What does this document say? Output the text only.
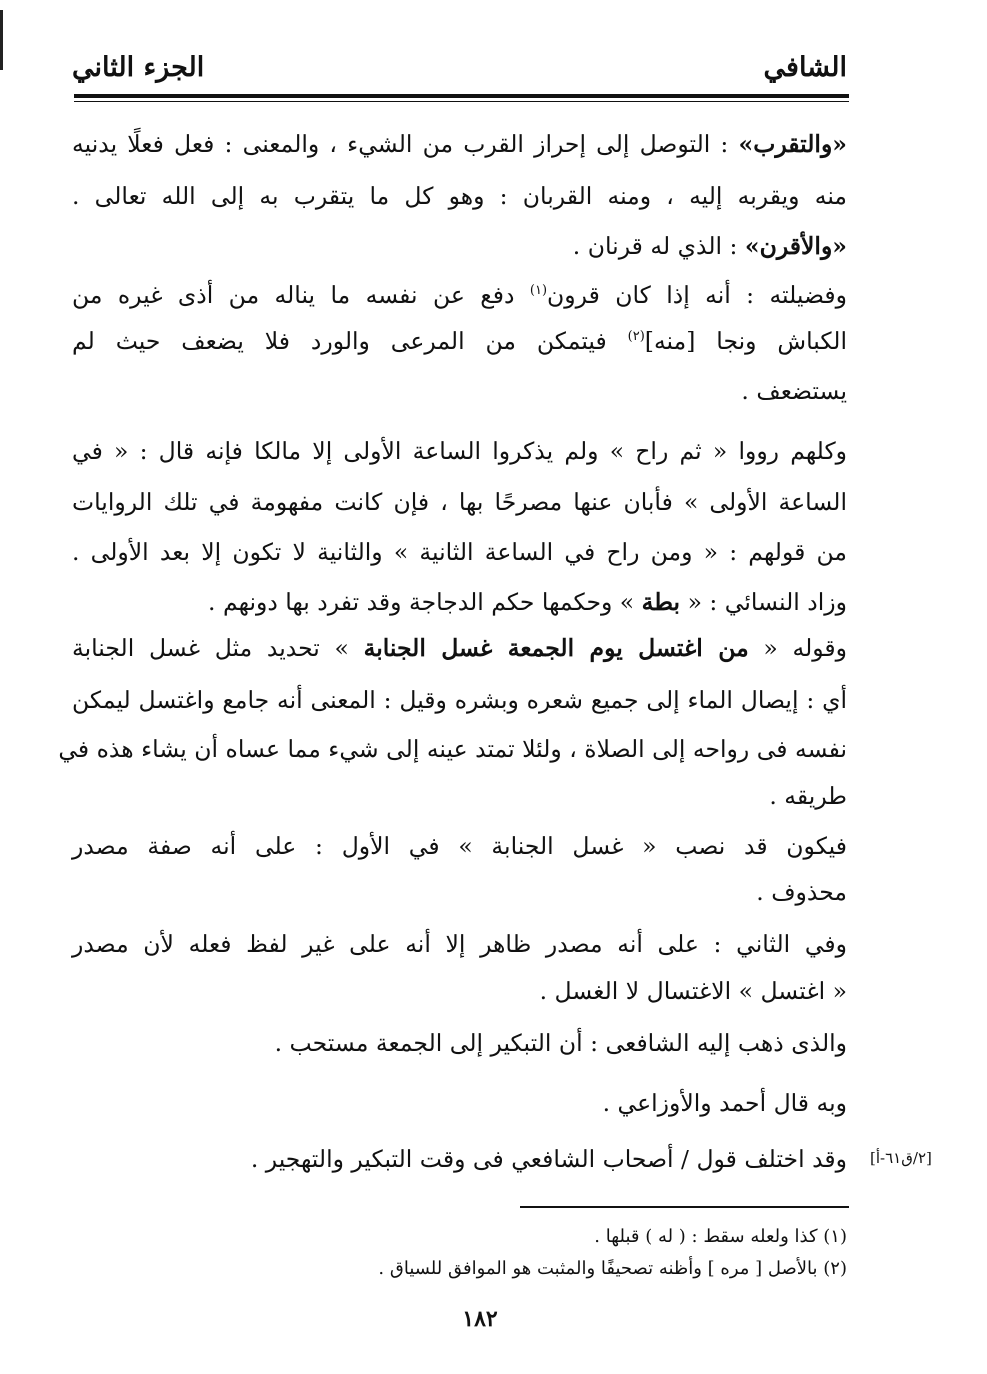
الشافي
الجزء الثاني
«والتقرب» : التوصل إلى إحراز القرب من الشيء ، والمعنى : فعل فعلًا يدنيه
منه ويقربه إليه ، ومنه القربان : وهو كل ما يتقرب به إلى الله تعالى .
«والأقرن» : الذي له قرنان .
وفضيلته : أنه إذا كان قرون$^{(١)}$ دفع عن نفسه ما يناله من أذى غيره من
الكباش ونجا [منه]$^{(٢)}$ فيتمكن من المرعى والورد فلا يضعف حيث لم
يستضعف .
وكلهم رووا « ثم راح » ولم يذكروا الساعة الأولى إلا مالكا فإنه قال : « في
الساعة الأولى » فأبان عنها مصرحًا بها ، فإن كانت مفهومة في تلك الروايات
من قولهم : « ومن راح في الساعة الثانية » والثانية لا تكون إلا بعد الأولى .
وزاد النسائي : « بطة » وحكمها حكم الدجاجة وقد تفرد بها دونهم .
وقوله « من اغتسل يوم الجمعة غسل الجنابة » تحديد مثل غسل الجنابة
أي : إيصال الماء إلى جميع شعره وبشره وقيل : المعنى أنه جامع واغتسل ليمكن
نفسه فى رواحه إلى الصلاة ، ولئلا تمتد عينه إلى شيء مما عساه أن يشاء هذه في
طريقه .
فيكون قد نصب « غسل الجنابة » في الأول : على أنه صفة مصدر
محذوف .
وفي الثاني : على أنه مصدر ظاهر إلا أنه على غير لفظ فعله لأن مصدر
« اغتسل » الاغتسال لا الغسل .
والذى ذهب إليه الشافعى : أن التبكير إلى الجمعة مستحب .
وبه قال أحمد والأوزاعي .
وقد اختلف قول / أصحاب الشافعي فى وقت التبكير والتهجير . [٢/ق٦١-أ]
(١) كذا ولعله سقط : ( له ) قبلها .
(٢) بالأصل [ مره ] وأظنه تصحيفًا والمثبت هو الموافق للسياق .
١٨٢
